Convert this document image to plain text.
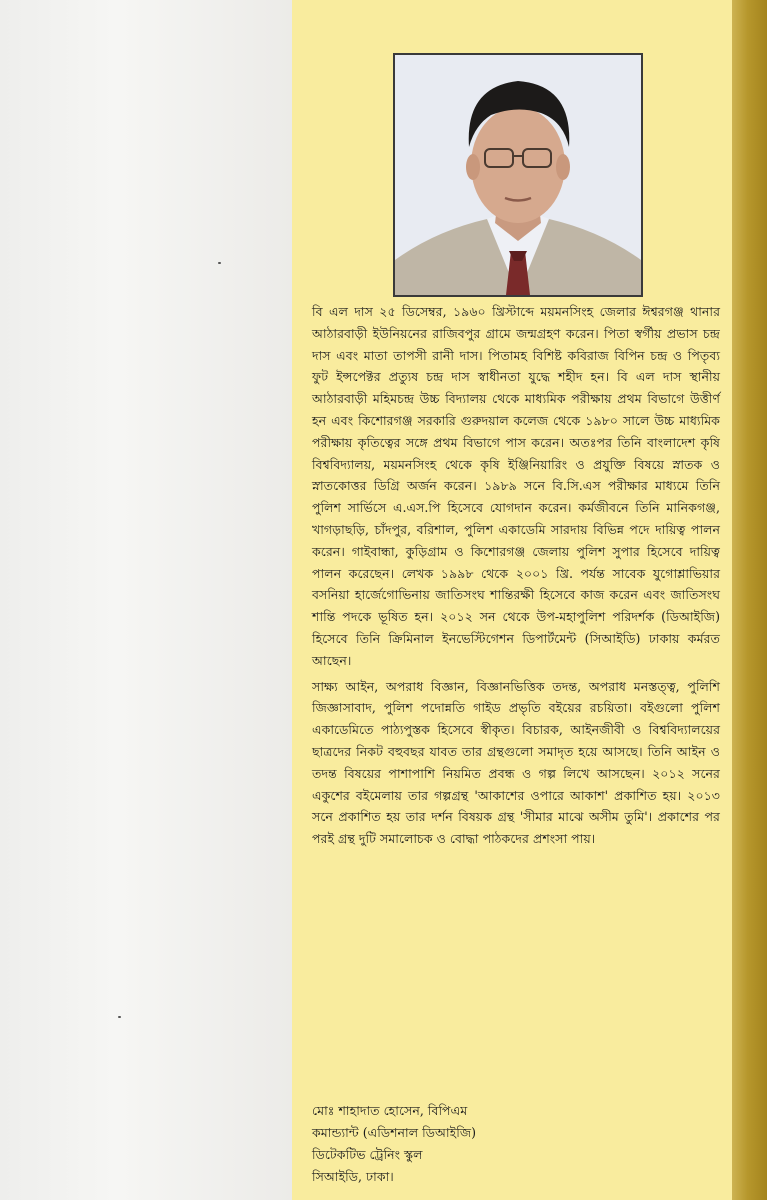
বি এল দাস ২৫ ডিসেম্বর, ১৯৬০ খ্রিস্টাব্দে ময়মনসিংহ জেলার ঈশ্বরগঞ্জ থানার আঠারবাড়ী ইউনিয়নের রাজিবপুর গ্রামে জন্মগ্রহণ করেন। পিতা স্বর্গীয় প্রভাস চন্দ্র দাস এবং মাতা তাপসী রানী দাস। পিতামহ বিশিষ্ট কবিরাজ বিপিন চন্দ্র ও পিতৃব্য ফুট ইন্সপেক্টর প্রত্যুষ চন্দ্র দাস স্বাধীনতা যুদ্ধে শহীদ হন। বি এল দাস স্থানীয় আঠারবাড়ী মহিমচন্দ্র উচ্চ বিদ্যালয় থেকে মাধ্যমিক পরীক্ষায় প্রথম বিভাগে উত্তীর্ণ হন এবং কিশোরগঞ্জ সরকারি গুরুদয়াল কলেজ থেকে ১৯৮০ সালে উচ্চ মাধ্যমিক পরীক্ষায় কৃতিত্বের সঙ্গে প্রথম বিভাগে পাস করেন। অতঃপর তিনি বাংলাদেশ কৃষি বিশ্ববিদ্যালয়, ময়মনসিংহ থেকে কৃষি ইঞ্জিনিয়ারিং ও প্রযুক্তি বিষয়ে স্নাতক ও স্নাতকোত্তর ডিগ্রি অর্জন করেন। ১৯৮৯ সনে বি.সি.এস পরীক্ষার মাধ্যমে তিনি পুলিশ সার্ভিসে এ.এস.পি হিসেবে যোগদান করেন। কর্মজীবনে তিনি মানিকগঞ্জ, খাগড়াছড়ি, চাঁদপুর, বরিশাল, পুলিশ একাডেমি সারদায় বিভিন্ন পদে দায়িত্ব পালন করেন। গাইবান্ধা, কুড়িগ্রাম ও কিশোরগঞ্জ জেলায় পুলিশ সুপার হিসেবে দায়িত্ব পালন করেছেন। লেখক ১৯৯৮ থেকে ২০০১ খ্রি. পর্যন্ত সাবেক যুগোশ্লাভিয়ার বসনিয়া হার্জেগোভিনায় জাতিসংঘ শান্তিরক্ষী হিসেবে কাজ করেন এবং জাতিসংঘ শান্তি পদকে ভূষিত হন। ২০১২ সন থেকে উপ-মহাপুলিশ পরিদর্শক (ডিআইজি) হিসেবে তিনি ক্রিমিনাল ইনভেস্টিগেশন ডিপার্টমেন্ট (সিআইডি) ঢাকায় কর্মরত আছেন।

সাক্ষ্য আইন, অপরাধ বিজ্ঞান, বিজ্ঞানভিত্তিক তদন্ত, অপরাধ মনস্তত্ত্ব, পুলিশি জিজ্ঞাসাবাদ, পুলিশ পদোন্নতি গাইড প্রভৃতি বইয়ের রচয়িতা। বইগুলো পুলিশ একাডেমিতে পাঠ্যপুস্তক হিসেবে স্বীকৃত। বিচারক, আইনজীবী ও বিশ্ববিদ্যালয়ের ছাত্রদের নিকট বহুবছর যাবত তার গ্রন্থগুলো সমাদৃত হয়ে আসছে। তিনি আইন ও তদন্ত বিষয়ের পাশাপাশি নিয়মিত প্রবন্ধ ও গল্প লিখে আসছেন। ২০১২ সনের একুশের বইমেলায় তার গল্পগ্রন্থ 'আকাশের ওপারে আকাশ' প্রকাশিত হয়। ২০১৩ সনে প্রকাশিত হয় তার দর্শন বিষয়ক গ্রন্থ 'সীমার মাঝে অসীম তুমি'। প্রকাশের পর পরই গ্রন্থ দুটি সমালোচক ও বোদ্ধা পাঠকদের প্রশংসা পায়।

মোঃ শাহাদাত হোসেন, বিপিএম
কমান্ড্যান্ট (এডিশনাল ডিআইজি)
ডিটেকটিভ ট্রেনিং স্কুল
সিআইডি, ঢাকা।
